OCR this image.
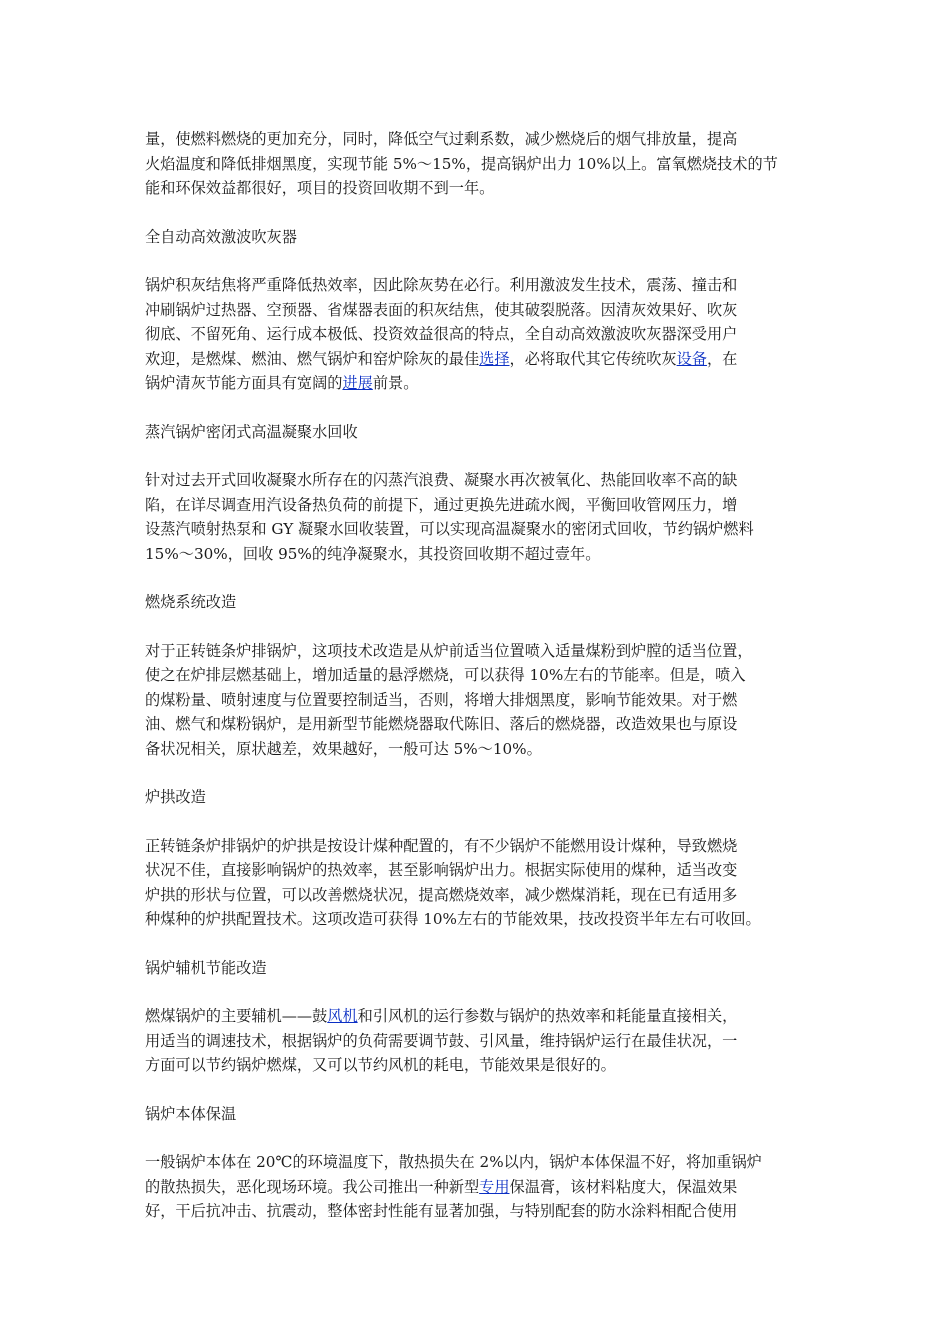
量，使燃料燃烧的更加充分，同时，降低空气过剩系数，减少燃烧后的烟气排放量，提高
火焰温度和降低排烟黑度，实现节能 5%～15%，提高锅炉出力 10%以上。富氧燃烧技术的节
能和环保效益都很好，项目的投资回收期不到一年。

全自动高效激波吹灰器

锅炉积灰结焦将严重降低热效率，因此除灰势在必行。利用激波发生技术，震荡、撞击和
冲刷锅炉过热器、空预器、省煤器表面的积灰结焦，使其破裂脱落。因清灰效果好、吹灰
彻底、不留死角、运行成本极低、投资效益很高的特点，全自动高效激波吹灰器深受用户
欢迎，是燃煤、燃油、燃气锅炉和窑炉除灰的最佳选择，必将取代其它传统吹灰设备，在
锅炉清灰节能方面具有宽阔的进展前景。

蒸汽锅炉密闭式高温凝聚水回收

针对过去开式回收凝聚水所存在的闪蒸汽浪费、凝聚水再次被氧化、热能回收率不高的缺
陷，在详尽调查用汽设备热负荷的前提下，通过更换先进疏水阀，平衡回收管网压力，增
设蒸汽喷射热泵和 GY 凝聚水回收装置，可以实现高温凝聚水的密闭式回收，节约锅炉燃料
15%～30%，回收 95%的纯净凝聚水，其投资回收期不超过壹年。

燃烧系统改造

对于正转链条炉排锅炉，这项技术改造是从炉前适当位置喷入适量煤粉到炉膛的适当位置，
使之在炉排层燃基础上，增加适量的悬浮燃烧，可以获得 10%左右的节能率。但是，喷入
的煤粉量、喷射速度与位置要控制适当，否则，将增大排烟黑度，影响节能效果。对于燃
油、燃气和煤粉锅炉，是用新型节能燃烧器取代陈旧、落后的燃烧器，改造效果也与原设
备状况相关，原状越差，效果越好，一般可达 5%～10%。

炉拱改造

正转链条炉排锅炉的炉拱是按设计煤种配置的，有不少锅炉不能燃用设计煤种，导致燃烧
状况不佳，直接影响锅炉的热效率，甚至影响锅炉出力。根据实际使用的煤种，适当改变
炉拱的形状与位置，可以改善燃烧状况，提高燃烧效率，减少燃煤消耗，现在已有适用多
种煤种的炉拱配置技术。这项改造可获得 10%左右的节能效果，技改投资半年左右可收回。

锅炉辅机节能改造

燃煤锅炉的主要辅机——鼓风机和引风机的运行参数与锅炉的热效率和耗能量直接相关，
用适当的调速技术，根据锅炉的负荷需要调节鼓、引风量，维持锅炉运行在最佳状况，一
方面可以节约锅炉燃煤，又可以节约风机的耗电，节能效果是很好的。

锅炉本体保温

一般锅炉本体在 20℃的环境温度下，散热损失在 2%以内，锅炉本体保温不好，将加重锅炉
的散热损失，恶化现场环境。我公司推出一种新型专用保温膏，该材料粘度大，保温效果
好，干后抗冲击、抗震动，整体密封性能有显著加强，与特别配套的防水涂料相配合使用
